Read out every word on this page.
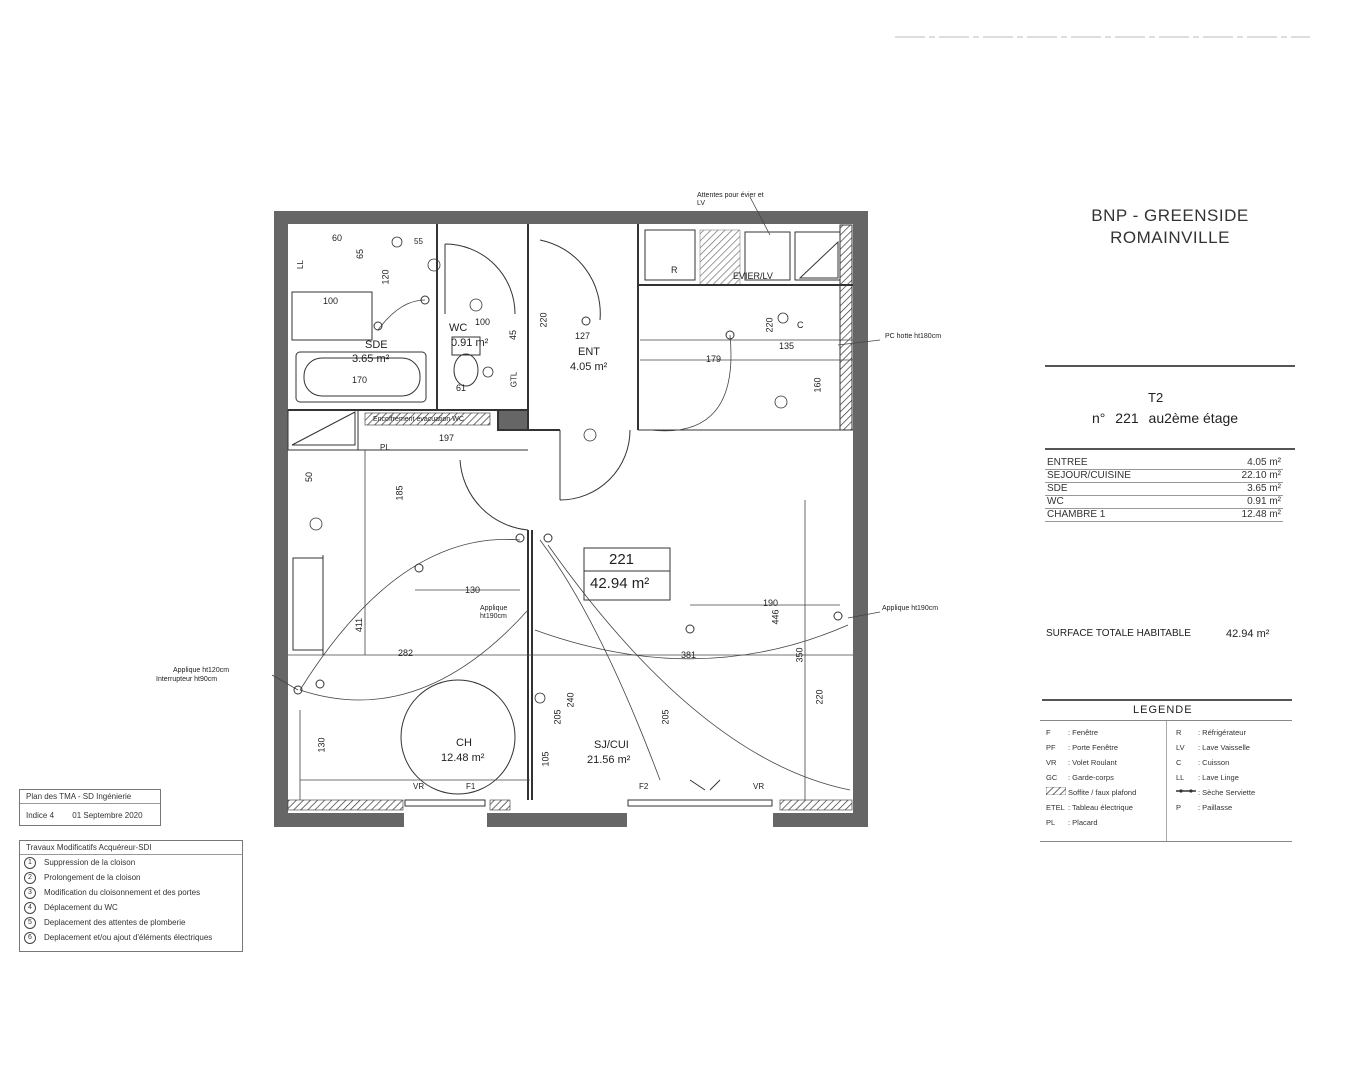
SDE
3.65 m²
WC
0.91 m²
ENT
4.05 m²
CH
12.48 m²
SJ/CUI
21.56 m²
221
42.94 m²
Attentes pour évier et LV
PC hotte ht180cm
Applique ht190cm
Applique ht190cm
Applique ht120cm
Interrupteur ht90cm
Encoffrement évacuation WC
EVIER/LV
GTL
PL
60
65
120
55
100
100
170
220
127
45
61
LL
R
C
VR	VR
F1	F2
179
135
160
220
197
50
185
130
282	381
190
446
350
220
205
105
240
205
411
130
BNP - GREENSIDE
ROMAINVILLE
T2
n° 221 au2ème étage
ENTREE	4.05 m²
SEJOUR/CUISINE	22.10 m²
SDE	3.65 m²
WC	0.91 m²
CHAMBRE 1	12.48 m²
SURFACE TOTALE HABITABLE	42.94 m²
LEGENDE
F	: Fenêtre
PF	: Porte Fenêtre
VR	: Volet Roulant
GC	: Garde-corps
Soffite / faux plafond
ETEL : Tableau électrique
PL	: Placard
R	: Réfrigérateur
LV	: Lave Vaisselle
C	: Cuisson
LL	: Lave Linge
: Sèche Serviette
P	: Paillasse
Plan des TMA - SD Ingénierie
Indice 4 01 Septembre 2020
Travaux Modificatifs Acquéreur-SDI
1	Suppression de la cloison
2	Prolongement de la cloison
3	Modification du cloisonnement et des portes
4	Déplacement du WC
5	Deplacement des attentes de plomberie
6	Deplacement et/ou ajout d'éléments électriques
